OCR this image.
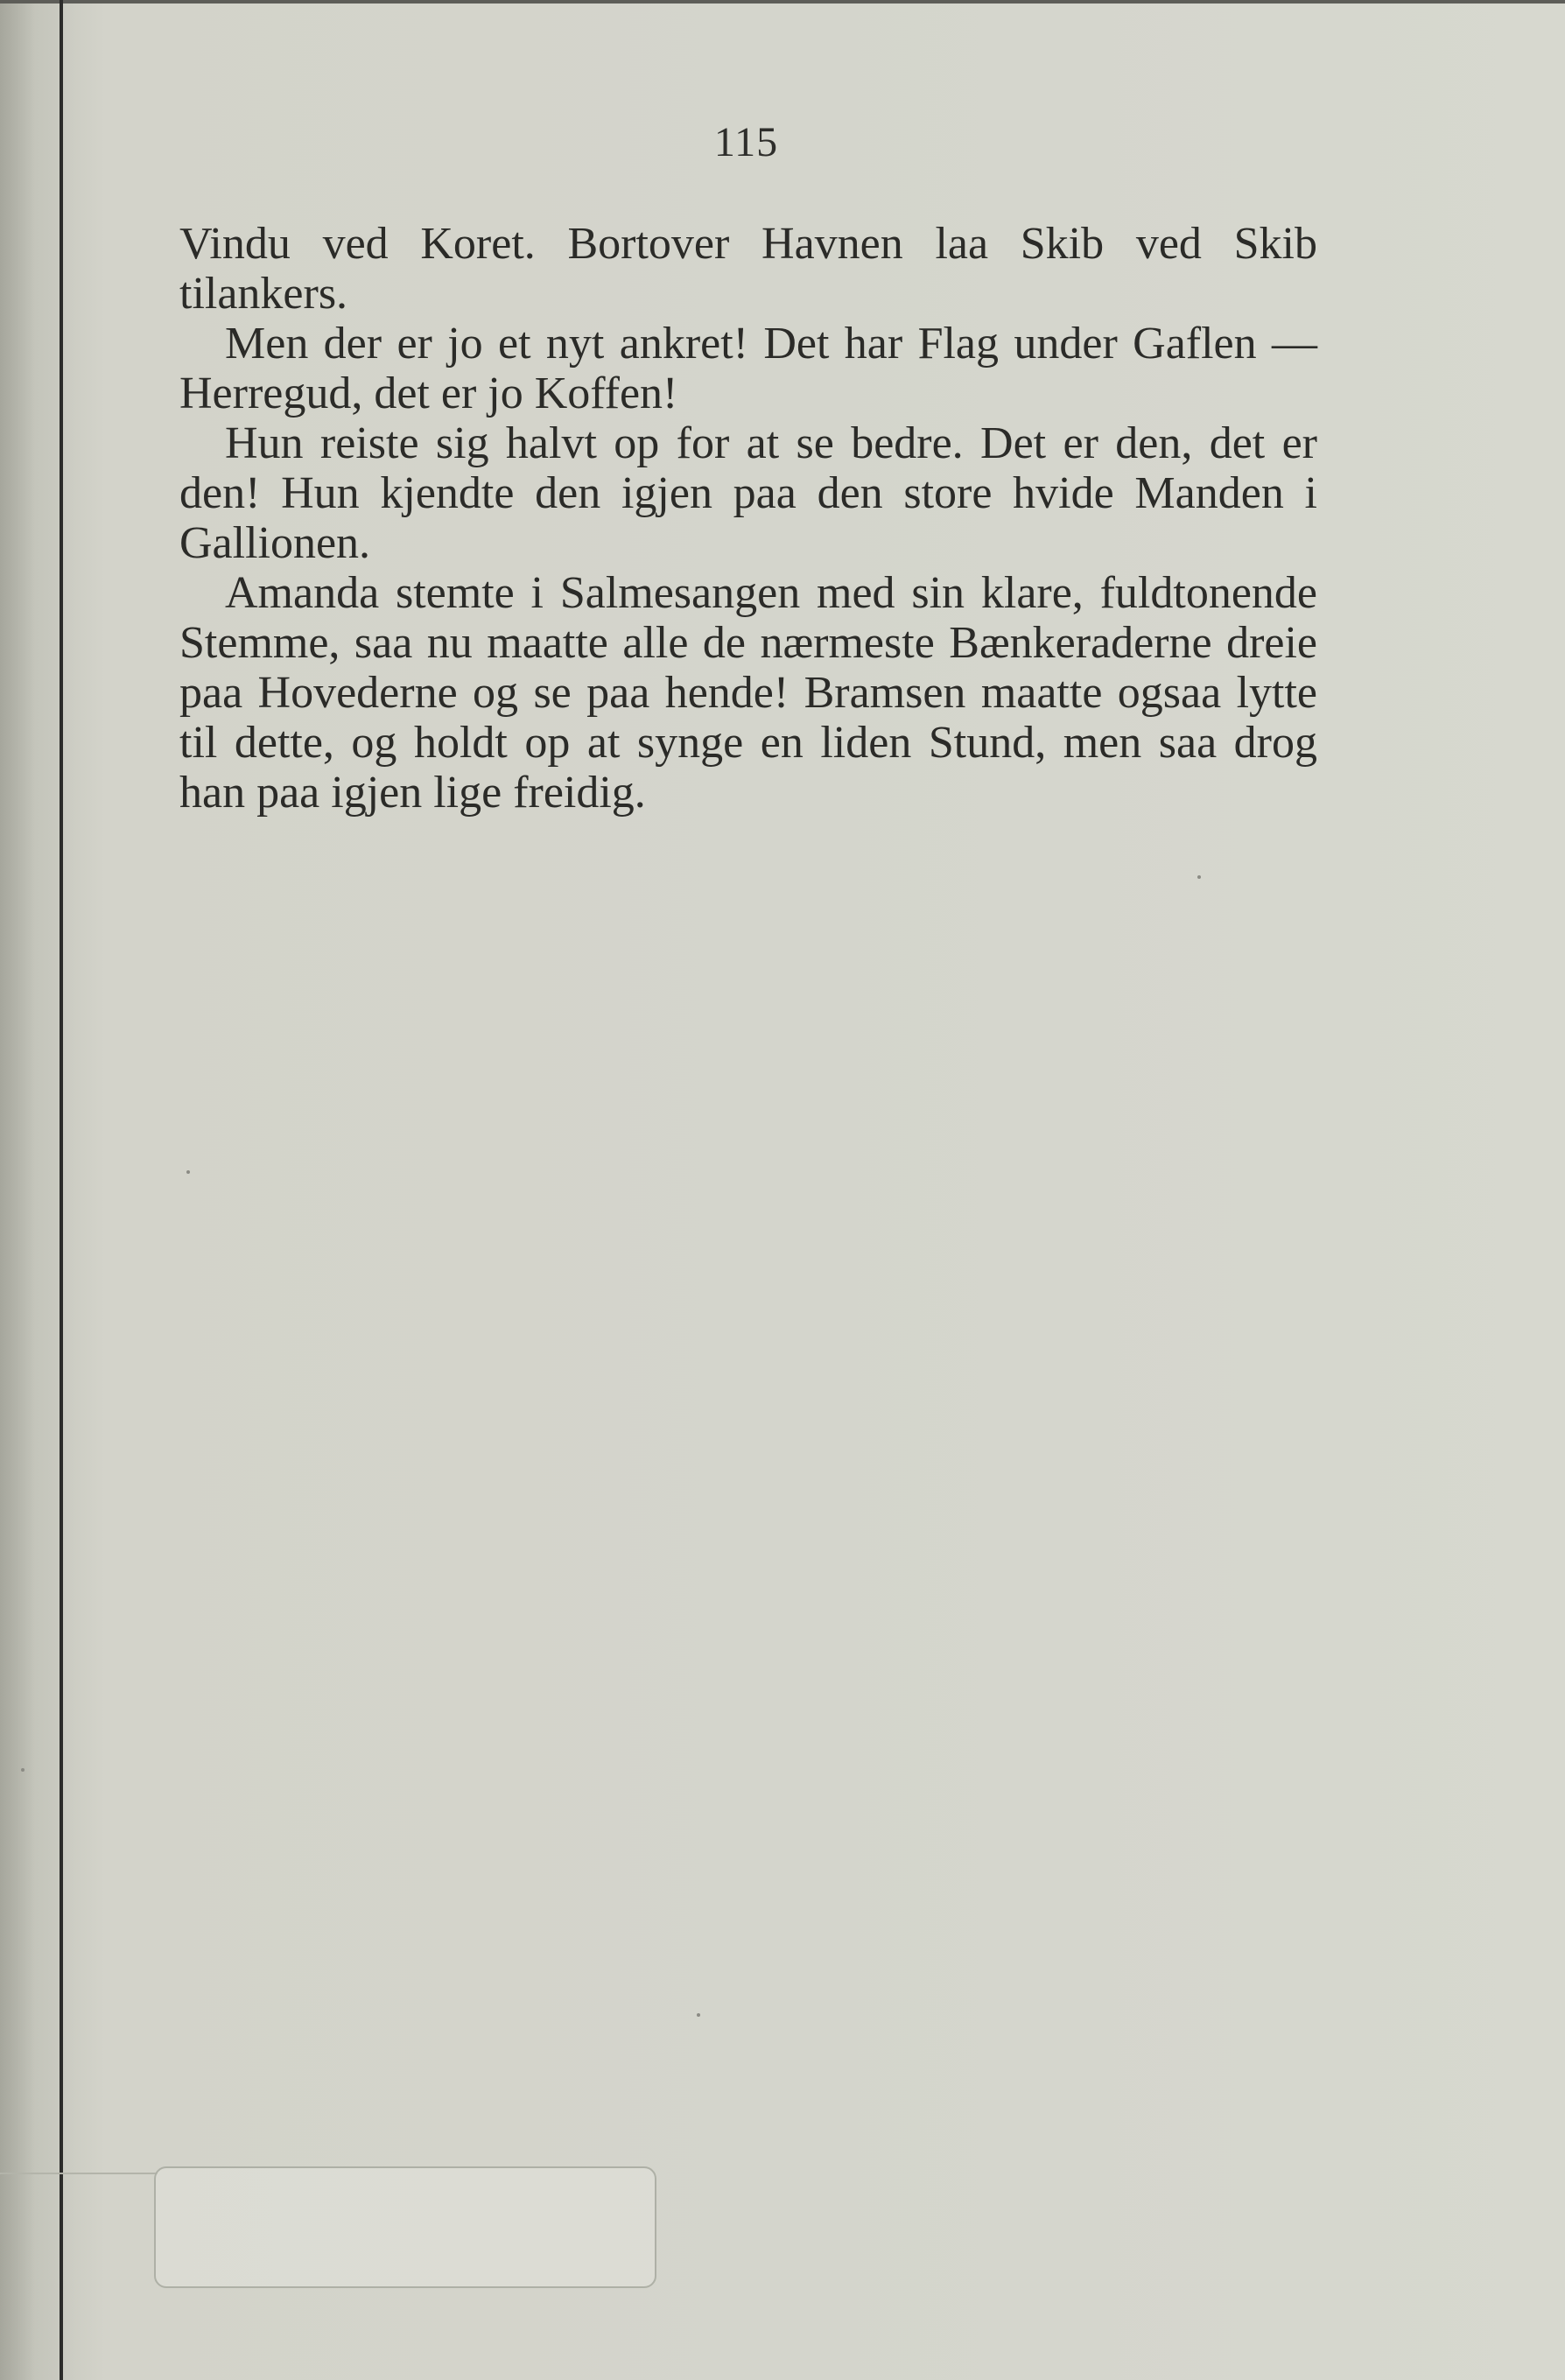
115

Vindu ved Koret. Bortover Havnen laa Skib ved Skib tilankers.

Men der er jo et nyt ankret! Det har Flag under Gaflen — Herregud, det er jo Koffen!

Hun reiste sig halvt op for at se bedre. Det er den, det er den! Hun kjendte den igjen paa den store hvide Manden i Gallionen.

Amanda stemte i Salmesangen med sin klare, fuldtonende Stemme, saa nu maatte alle de nærmeste Bænkeraderne dreie paa Hovederne og se paa hende! Bramsen maatte ogsaa lytte til dette, og holdt op at synge en liden Stund, men saa drog han paa igjen lige freidig.
